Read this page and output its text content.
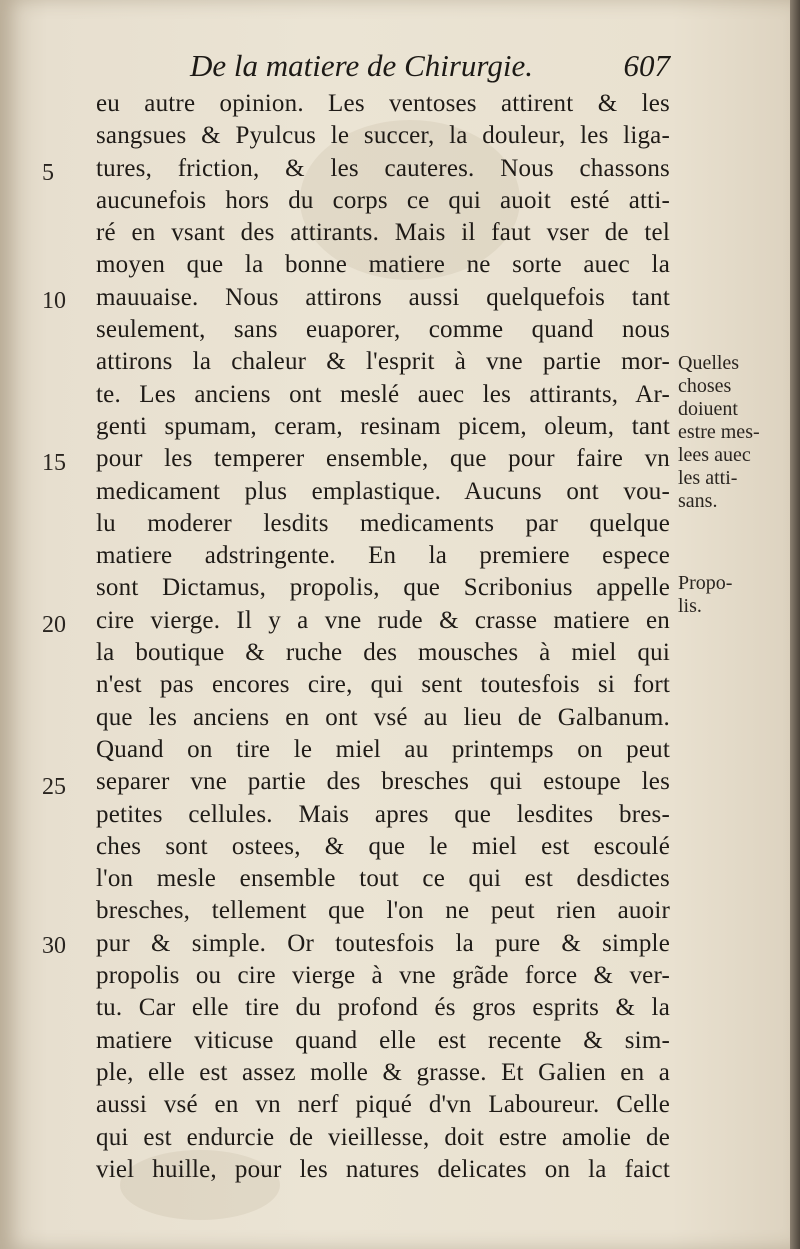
De la matiere de Chirurgie.	607
5
10
15
20
25
30
eu autre opinion. Les ventoses attirent & les
sangsues & Pyulcus le succer, la douleur, les liga-
tures, friction, & les cauteres. Nous chassons
aucunefois hors du corps ce qui auoit esté atti-
ré en vsant des attirants. Mais il faut vser de tel
moyen que la bonne matiere ne sorte auec la
mauuaise. Nous attirons aussi quelquefois tant
seulement, sans euaporer, comme quand nous
attirons la chaleur & l'esprit à vne partie mor-
te. Les anciens ont meslé auec les attirants, Ar-
genti spumam, ceram, resinam picem, oleum, tant
pour les temperer ensemble, que pour faire vn
medicament plus emplastique. Aucuns ont vou-
lu moderer lesdits medicaments par quelque
matiere adstringente. En la premiere espece
sont Dictamus, propolis, que Scribonius appelle
cire vierge. Il y a vne rude & crasse matiere en
la boutique & ruche des mousches à miel qui
n'est pas encores cire, qui sent toutesfois si fort
que les anciens en ont vsé au lieu de Galbanum.
Quand on tire le miel au printemps on peut
separer vne partie des bresches qui estoupe les
petites cellules. Mais apres que lesdites bres-
ches sont ostees, & que le miel est escoulé
l'on mesle ensemble tout ce qui est desdictes
bresches, tellement que l'on ne peut rien auoir
pur & simple. Or toutesfois la pure & simple
propolis ou cire vierge à vne grãde force & ver-
tu. Car elle tire du profond és gros esprits & la
matiere viticuse quand elle est recente & sim-
ple, elle est assez molle & grasse. Et Galien en a
aussi vsé en vn nerf piqué d'vn Laboureur. Celle
qui est endurcie de vieillesse, doit estre amolie de
viel huille, pour les natures delicates on la faict
Quelles
choses
doiuent
estre mes-
lees auec
les atti-
sans.
Propo-
lis.
